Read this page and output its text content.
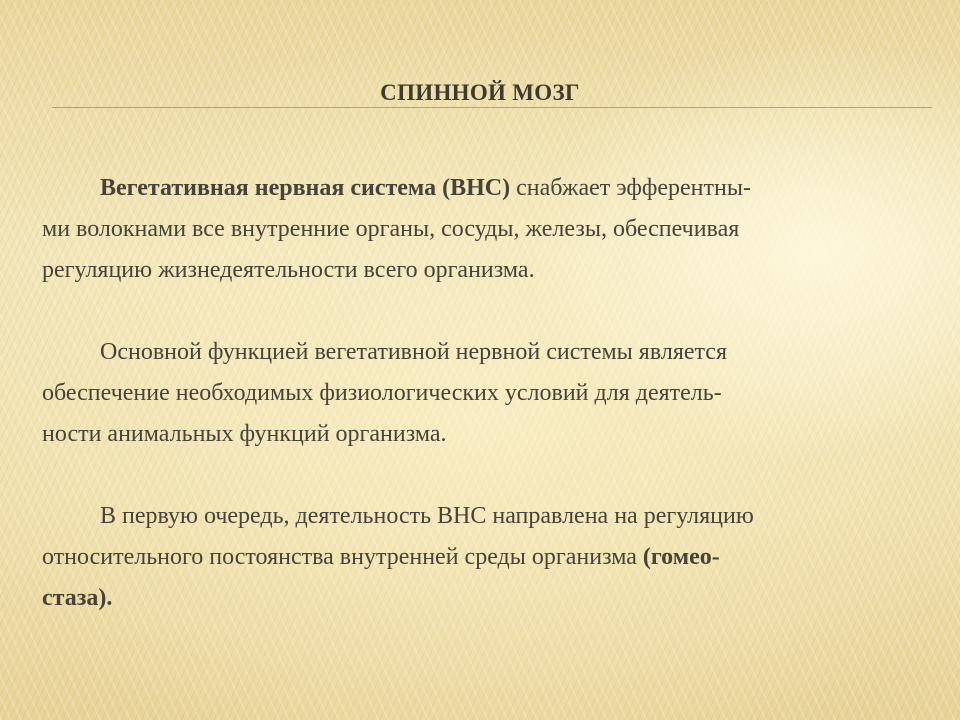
СПИННОЙ МОЗГ

Вегетативная нервная система (ВНС) снабжает эфферентны-
ми волокнами все внутренние органы, сосуды, железы, обеспечивая
регуляцию жизнедеятельности всего организма.

Основной функцией вегетативной нервной системы является
обеспечение необходимых физиологических условий для деятель-
ности анимальных функций организма.

В первую очередь, деятельность ВНС направлена на регуляцию
относительного постоянства внутренней среды организма (гомео-
стаза).
